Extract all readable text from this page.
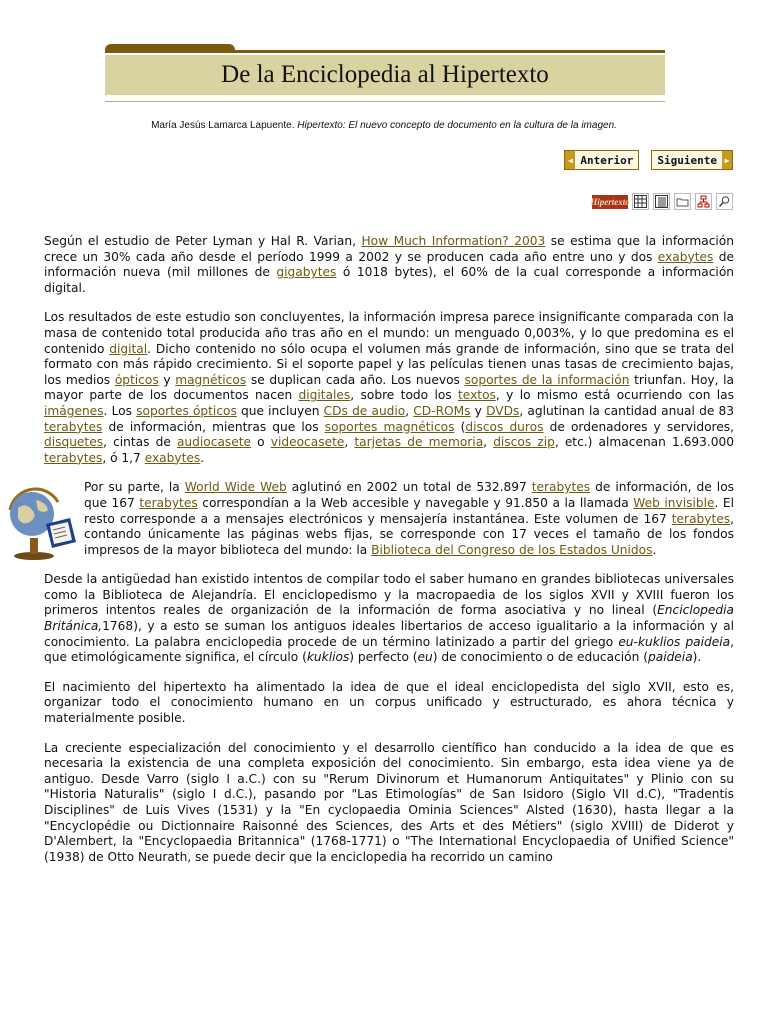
De la Enciclopedia al Hipertexto
María Jesús Lamarca Lapuente. Hipertexto: El nuevo concepto de documento en la cultura de la imagen.
◀ Anterior	Siguiente ▶
Hipertexto

Según el estudio de Peter Lyman y Hal R. Varian, How Much Information? 2003 se estima que la información crece un 30% cada año desde el período 1999 a 2002 y se producen cada año entre uno y dos exabytes de información nueva (mil millones de gigabytes ó 1018 bytes), el 60% de la cual corresponde a información digital.

Los resultados de este estudio son concluyentes, la información impresa parece insignificante comparada con la masa de contenido total producida año tras año en el mundo: un menguado 0,003%, y lo que predomina es el contenido digital. Dicho contenido no sólo ocupa el volumen más grande de información, sino que se trata del formato con más rápido crecimiento. Si el soporte papel y las películas tienen unas tasas de crecimiento bajas, los medios ópticos y magnéticos se duplican cada año. Los nuevos soportes de la información triunfan. Hoy, la mayor parte de los documentos nacen digitales, sobre todo los textos, y lo mismo está ocurriendo con las imágenes. Los soportes ópticos que incluyen CDs de audio, CD-ROMs y DVDs, aglutinan la cantidad anual de 83 terabytes de información, mientras que los soportes magnéticos (discos duros de ordenadores y servidores, disquetes, cintas de audiocasete o videocasete, tarjetas de memoria, discos zip, etc.) almacenan 1.693.000 terabytes, ó 1,7 exabytes.

Por su parte, la World Wide Web aglutinó en 2002 un total de 532.897 terabytes de información, de los que 167 terabytes correspondían a la Web accesible y navegable y 91.850 a la llamada Web invisible. El resto corresponde a a mensajes electrónicos y mensajería instantánea. Este volumen de 167 terabytes, contando únicamente las páginas webs fijas, se corresponde con 17 veces el tamaño de los fondos impresos de la mayor biblioteca del mundo: la Biblioteca del Congreso de los Estados Unidos.

Desde la antigüedad han existido intentos de compilar todo el saber humano en grandes bibliotecas universales como la Biblioteca de Alejandría. El enciclopedismo y la macropaedia de los siglos XVII y XVIII fueron los primeros intentos reales de organización de la información de forma asociativa y no lineal (Enciclopedia Británica,1768), y a esto se suman los antiguos ideales libertarios de acceso igualitario a la información y al conocimiento. La palabra enciclopedia procede de un término latinizado a partir del griego eu-kuklios paideia, que etimológicamente significa, el círculo (kuklios) perfecto (eu) de conocimiento o de educación (paideia).

El nacimiento del hipertexto ha alimentado la idea de que el ideal enciclopedista del siglo XVII, esto es, organizar todo el conocimiento humano en un corpus unificado y estructurado, es ahora técnica y materialmente posible.

La creciente especialización del conocimiento y el desarrollo científico han conducido a la idea de que es necesaria la existencia de una completa exposición del conocimiento. Sin embargo, esta idea viene ya de antiguo. Desde Varro (siglo I a.C.) con su "Rerum Divinorum et Humanorum Antiquitates" y Plinio con su "Historia Naturalis" (siglo I d.C.), pasando por "Las Etimologías" de San Isidoro (Siglo VII d.C), "Tradentis Disciplines" de Luis Vives (1531) y la "En cyclopaedia Ominia Sciences" Alsted (1630), hasta llegar a la "Encyclopédie ou Dictionnaire Raisonné des Sciences, des Arts et des Métiers" (siglo XVIII) de Diderot y D'Alembert, la "Encyclopaedia Britannica" (1768-1771) o "The International Encyclopaedia of Unified Science" (1938) de Otto Neurath, se puede decir que la enciclopedia ha recorrido un camino
